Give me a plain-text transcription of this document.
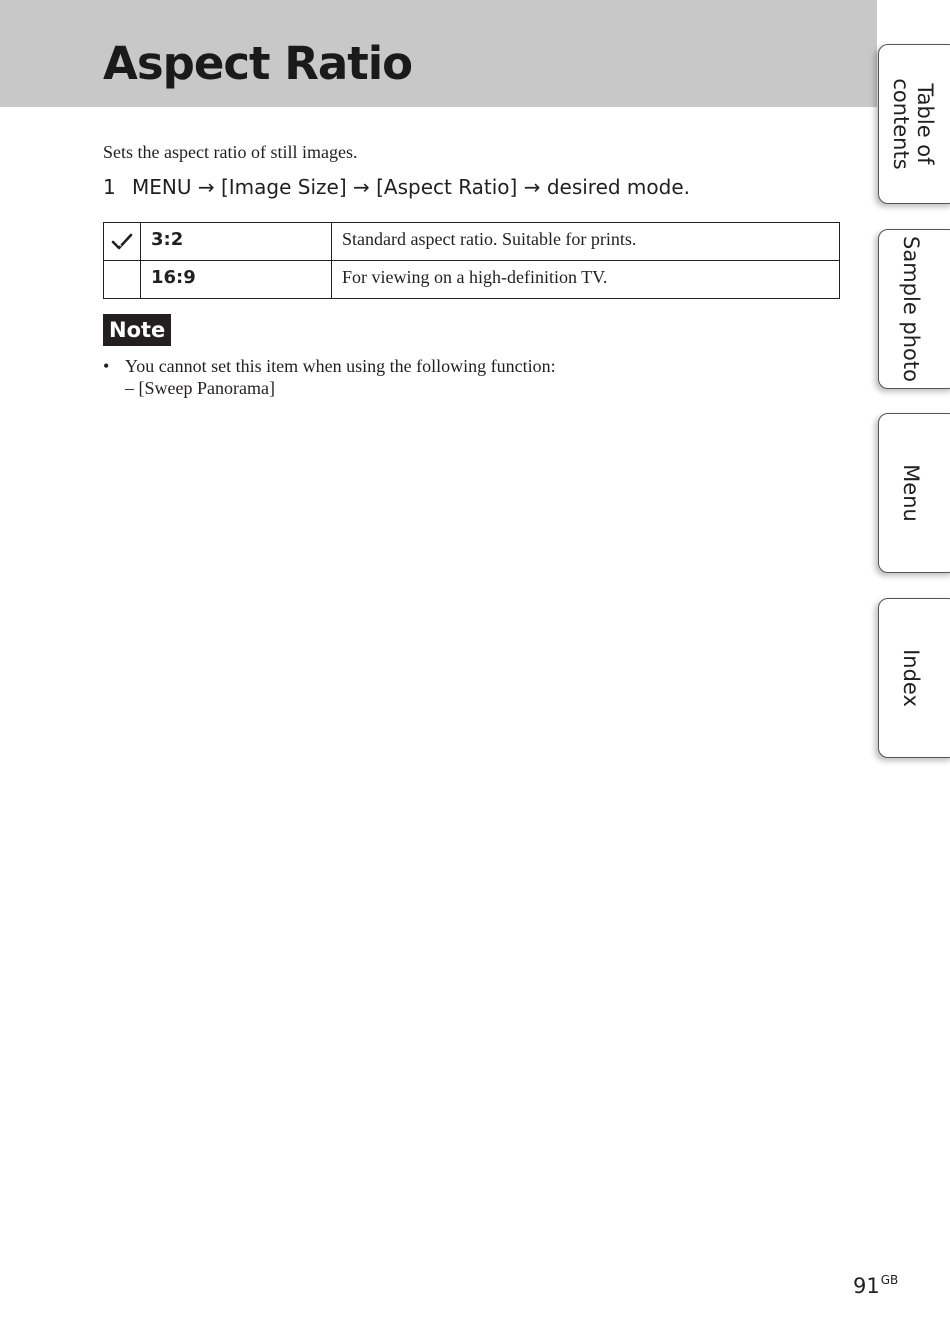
Aspect Ratio
Sets the aspect ratio of still images.
1 MENU → [Image Size] → [Aspect Ratio] → desired mode.
	3:2	Standard aspect ratio. Suitable for prints.
	16:9	For viewing on a high-definition TV.
Note
• You cannot set this item when using the following function:
– [Sweep Panorama]
Table of
contents
Sample photo
Menu
Index
$91^{GB}$
